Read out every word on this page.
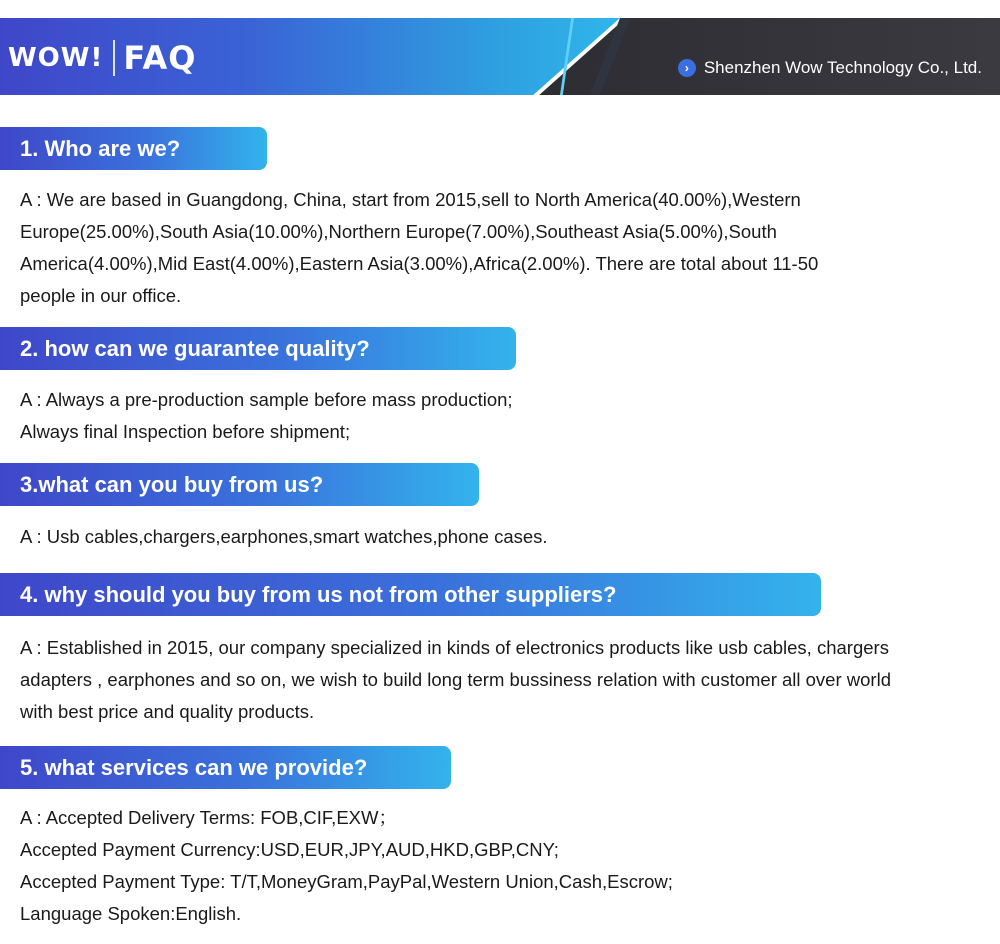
WOW! FAQ	› Shenzhen Wow Technology Co., Ltd.
1. Who are we?
A : We are based in Guangdong, China, start from 2015,sell to North America(40.00%),Western
Europe(25.00%),South Asia(10.00%),Northern Europe(7.00%),Southeast Asia(5.00%),South
America(4.00%),Mid East(4.00%),Eastern Asia(3.00%),Africa(2.00%). There are total about 11-50
people in our office.
2. how can we guarantee quality?
A : Always a pre-production sample before mass production;
Always final Inspection before shipment;
3.what can you buy from us?
A : Usb cables,chargers,earphones,smart watches,phone cases.
4. why should you buy from us not from other suppliers?
A : Established in 2015, our company specialized in kinds of electronics products like usb cables, chargers
adapters , earphones and so on, we wish to build long term bussiness relation with customer all over world
with best price and quality products.
5. what services can we provide?
A : Accepted Delivery Terms: FOB,CIF,EXW；
Accepted Payment Currency:USD,EUR,JPY,AUD,HKD,GBP,CNY;
Accepted Payment Type: T/T,MoneyGram,PayPal,Western Union,Cash,Escrow;
Language Spoken:English.
